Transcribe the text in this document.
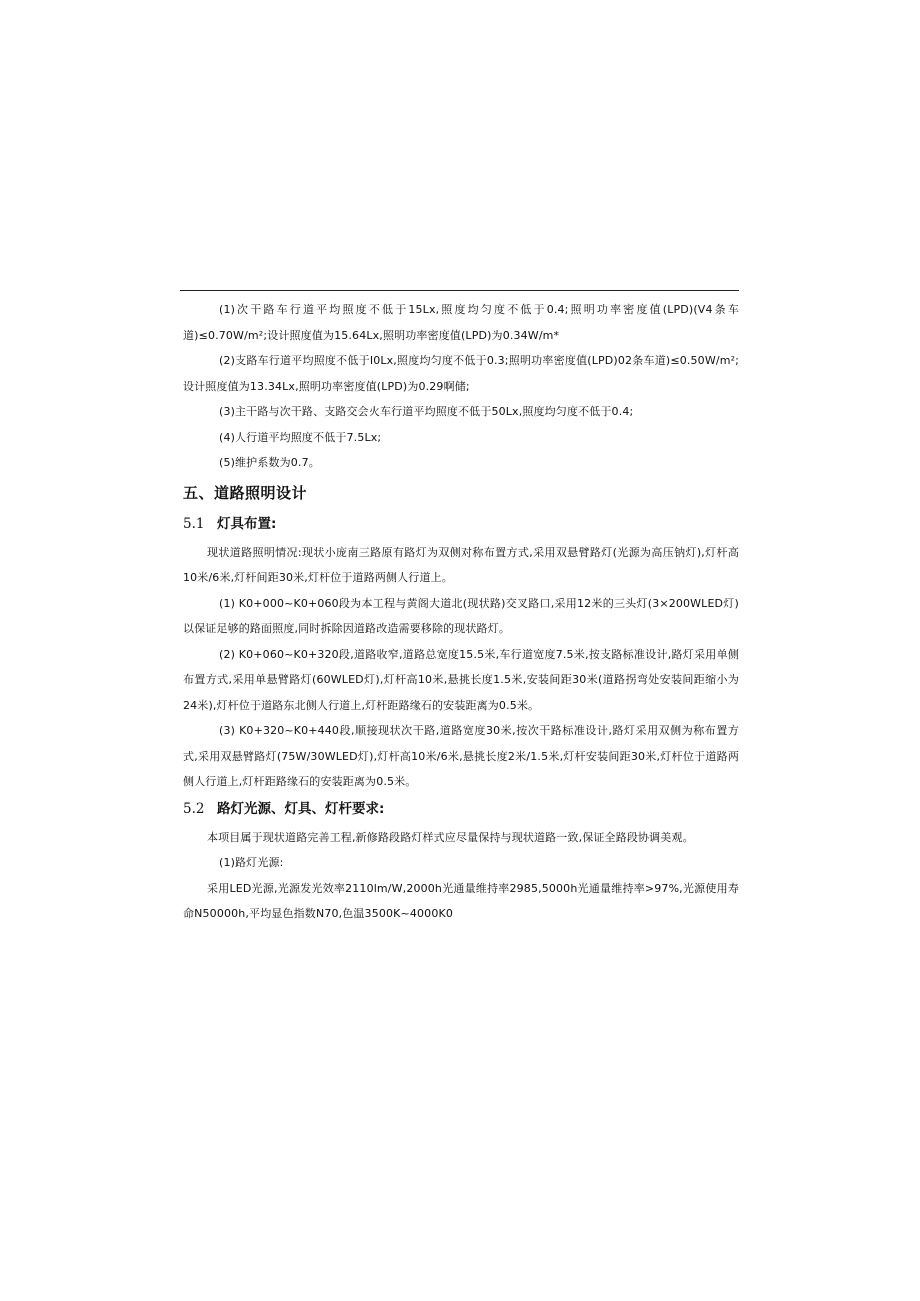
(1)次干路车行道平均照度不低于15Lx,照度均匀度不低于0.4;照明功率密度值(LPD)(V4条车道)≤0.70W/m²;设计照度值为15.64Lx,照明功率密度值(LPD)为0.34W/m*

(2)支路车行道平均照度不低于I0Lx,照度均匀度不低于0.3;照明功率密度值(LPD)02条车道)≤0.50W/m²;设计照度值为13.34Lx,照明功率密度值(LPD)为0.29啊储;

(3)主干路与次干路、支路交会火车行道平均照度不低于50Lx,照度均匀度不低于0.4;

(4)人行道平均照度不低于7.5Lx;

(5)维护系数为0.7。

五、道路照明设计
5.1 灯具布置:

现状道路照明情况:现状小庞南三路原有路灯为双侧对称布置方式,采用双悬臂路灯(光源为高压钠灯),灯杆高10米/6米,灯杆间距30米,灯杆位于道路两侧人行道上。

(1) K0+000~K0+060段为本工程与黄阁大道北(现状路)交叉路口,采用12米的三头灯(3×200WLED灯)以保证足够的路面照度,同时拆除因道路改造需要移除的现状路灯。

(2) K0+060~K0+320段,道路收窄,道路总宽度15.5米,车行道宽度7.5米,按支路标准设计,路灯采用单侧布置方式,采用单悬臂路灯(60WLED灯),灯杆高10米,悬挑长度1.5米,安装间距30米(道路拐弯处安装间距缩小为24米),灯杆位于道路东北侧人行道上,灯杆距路缘石的安装距离为0.5米。

(3) K0+320~K0+440段,顺接现状次干路,道路宽度30米,按次干路标准设计,路灯采用双侧为称布置方式,采用双悬臂路灯(75W/30WLED灯),灯杆高10米/6米,悬挑长度2米/1.5米,灯杆安装间距30米,灯杆位于道路两侧人行道上,灯杆距路缘石的安装距离为0.5米。

5.2 路灯光源、灯具、灯杆要求:

本项目属于现状道路完善工程,新修路段路灯样式应尽量保持与现状道路一致,保证全路段协调美观。

(1)路灯光源:

采用LED光源,光源发光效率2110lm/W,2000h光通量维持率2985,5000h光通量维持率>97%,光源使用寿命N50000h,平均显色指数N70,色温3500K~4000K0
